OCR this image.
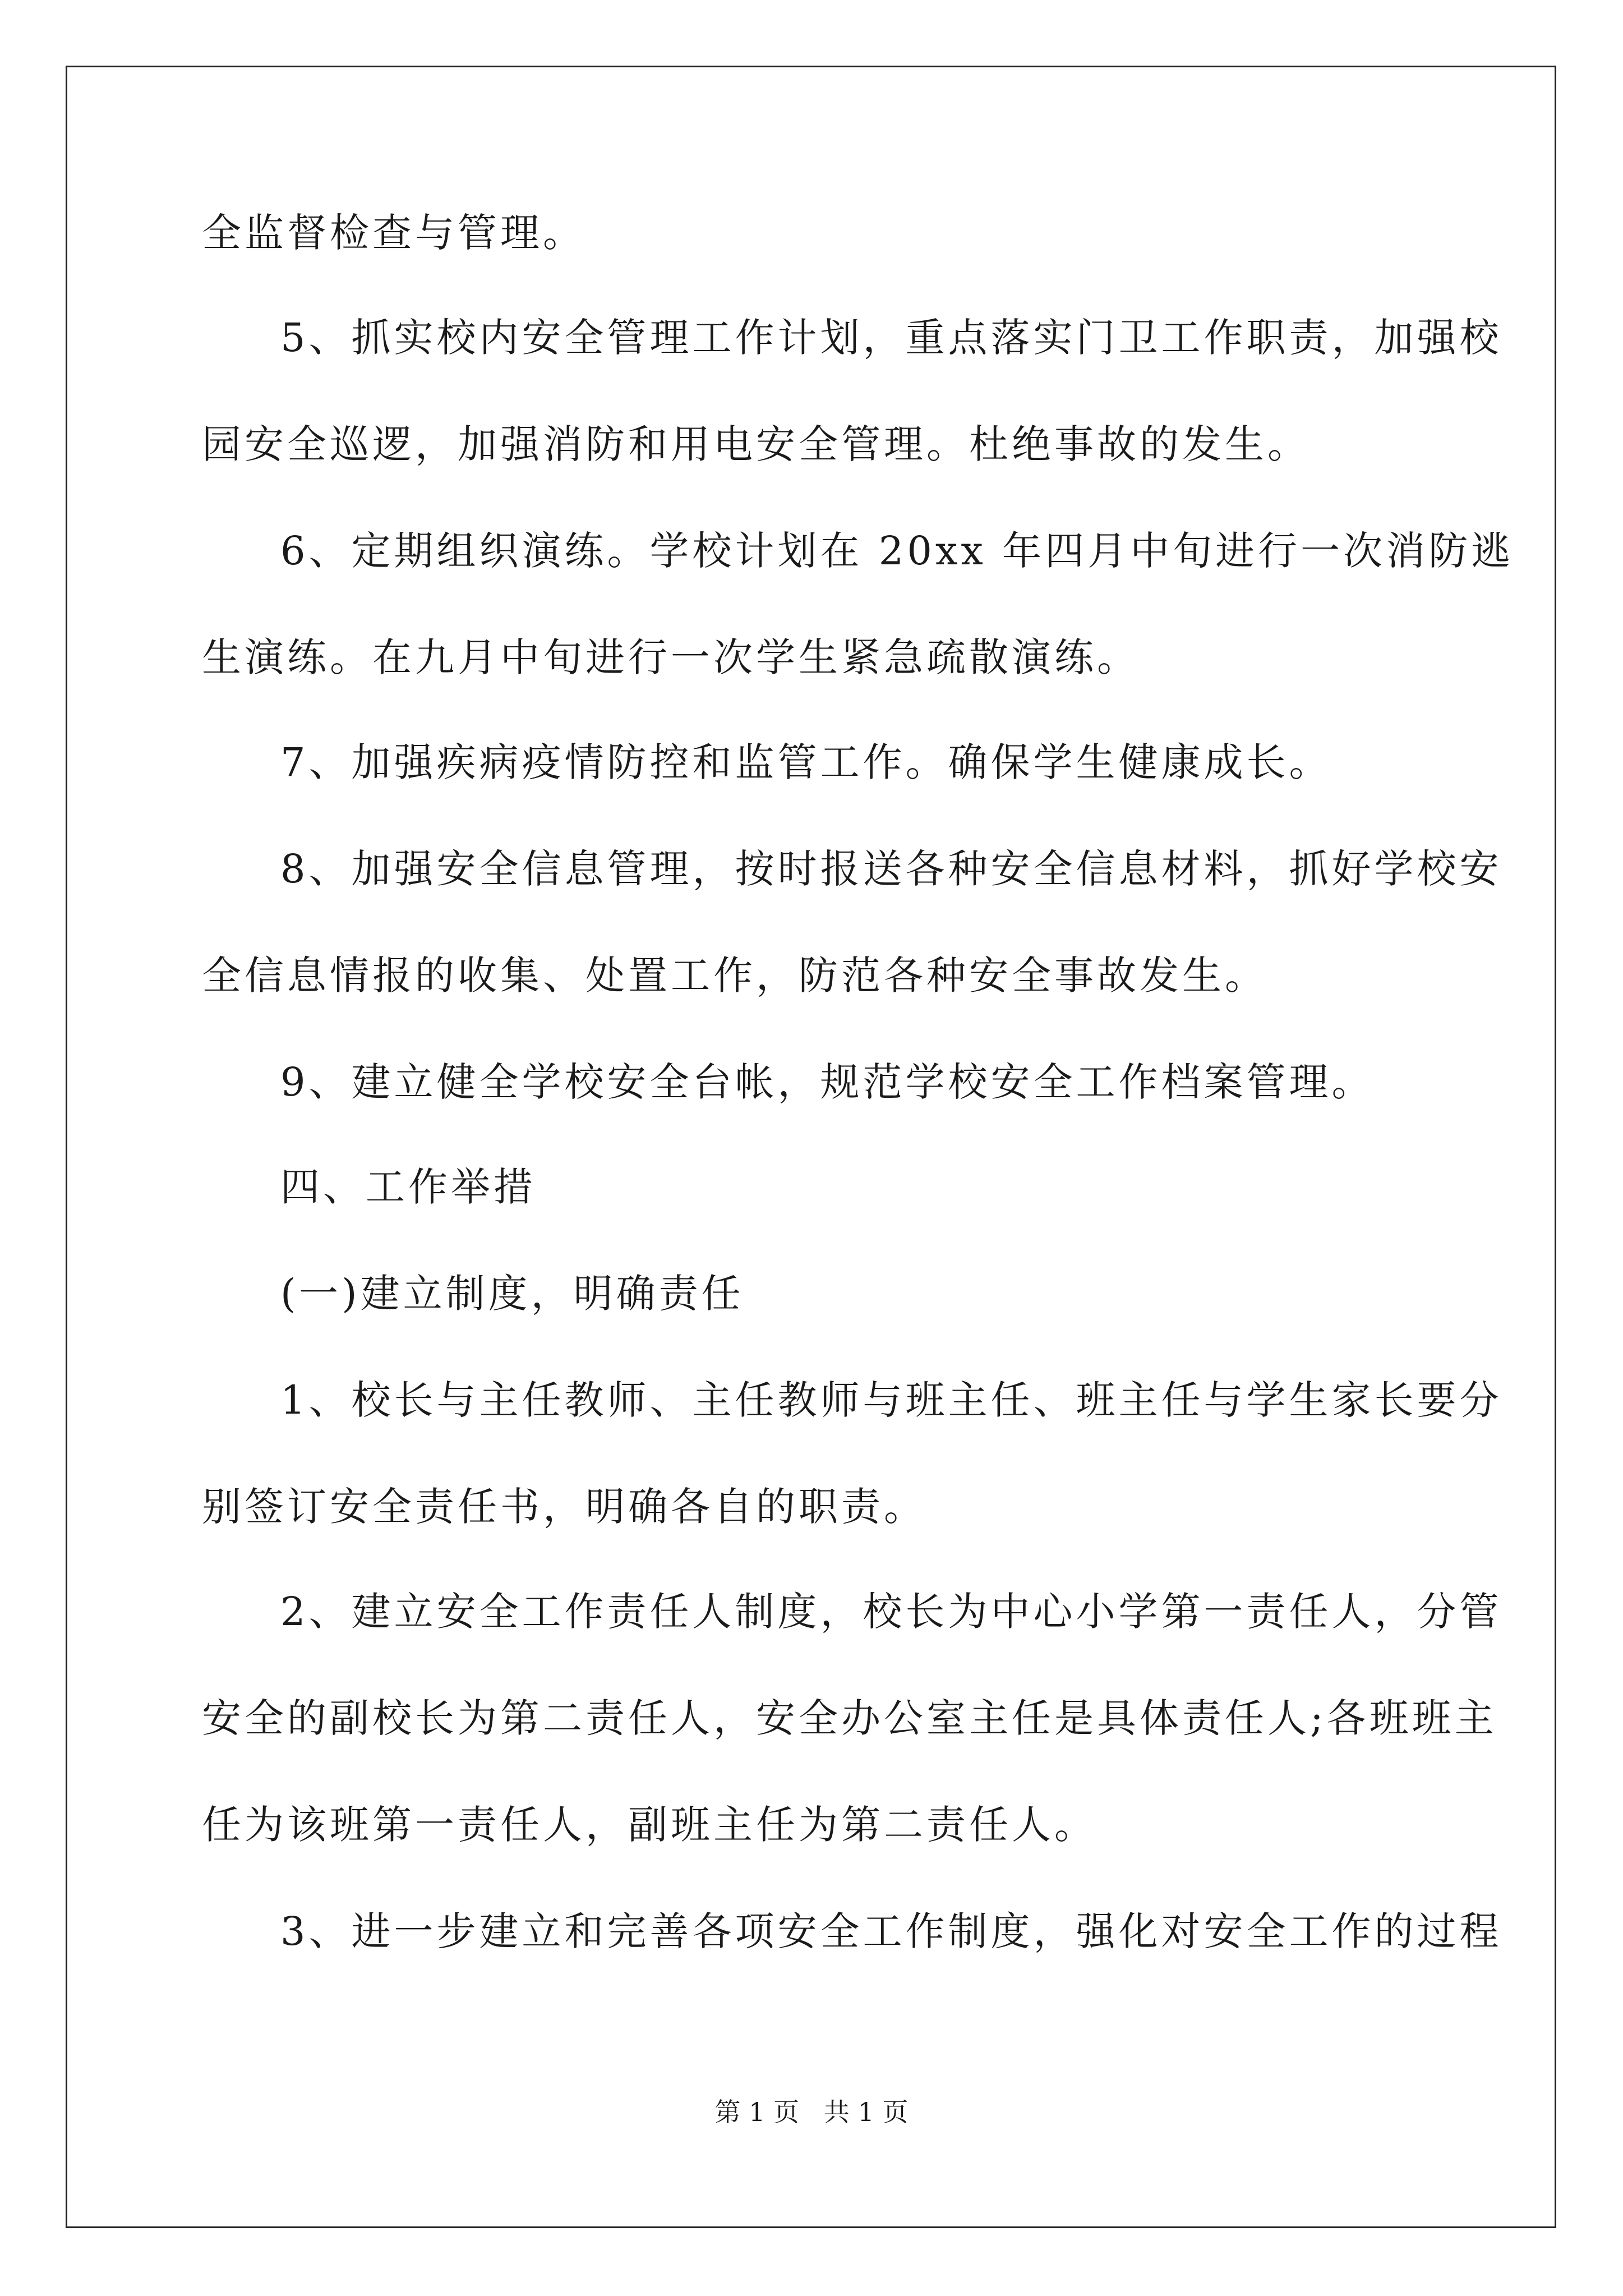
全监督检查与管理。
5、抓实校内安全管理工作计划，重点落实门卫工作职责，加强校
园安全巡逻，加强消防和用电安全管理。杜绝事故的发生。
6、定期组织演练。学校计划在 20xx 年四月中旬进行一次消防逃
生演练。在九月中旬进行一次学生紧急疏散演练。
7、加强疾病疫情防控和监管工作。确保学生健康成长。
8、加强安全信息管理，按时报送各种安全信息材料，抓好学校安
全信息情报的收集、处置工作，防范各种安全事故发生。
9、建立健全学校安全台帐，规范学校安全工作档案管理。
四、工作举措
(一)建立制度，明确责任
1、校长与主任教师、主任教师与班主任、班主任与学生家长要分
别签订安全责任书，明确各自的职责。
2、建立安全工作责任人制度，校长为中心小学第一责任人，分管
安全的副校长为第二责任人，安全办公室主任是具体责任人;各班班主
任为该班第一责任人，副班主任为第二责任人。
3、进一步建立和完善各项安全工作制度，强化对安全工作的过程
第 1 页   共 1 页
